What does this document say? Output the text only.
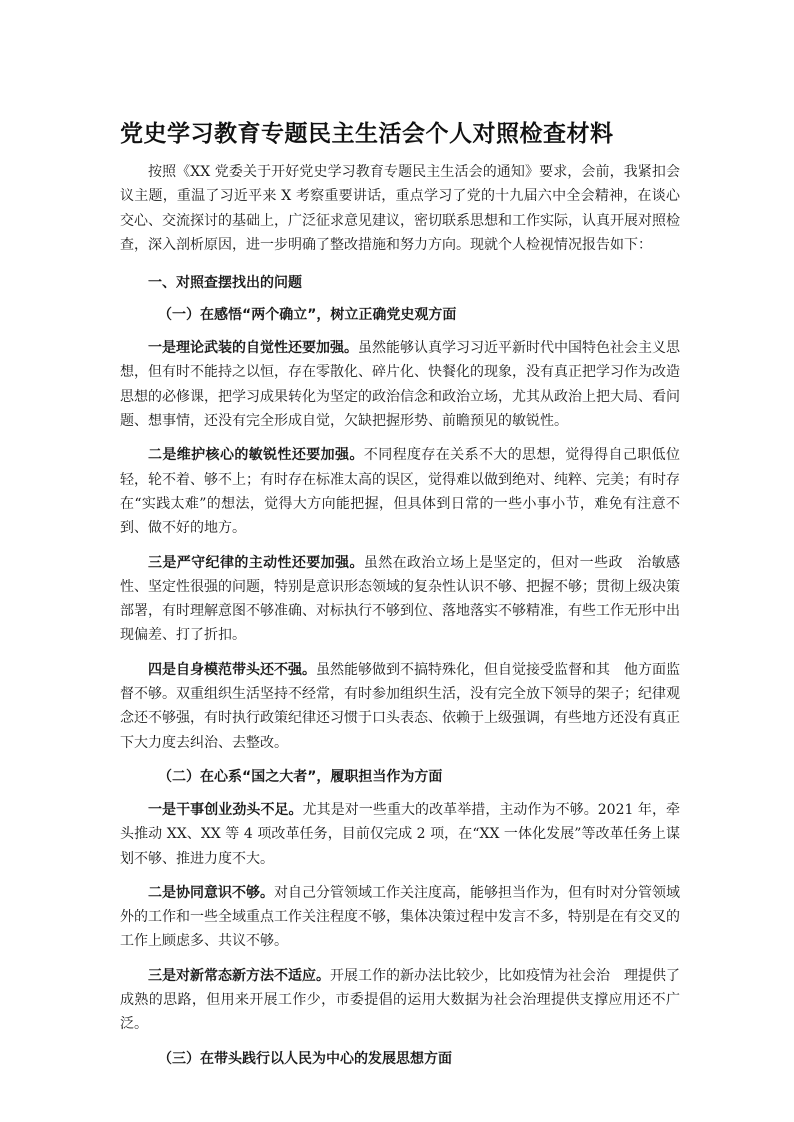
党史学习教育专题民主生活会个人对照检查材料

按照《XX 党委关于开好党史学习教育专题民主生活会的通知》要求，会前，我紧扣会议主题，重温了习近平来 X 考察重要讲话，重点学习了党的十九届六中全会精神，在谈心交心、交流探讨的基础上，广泛征求意见建议，密切联系思想和工作实际，认真开展对照检查，深入剖析原因，进一步明确了整改措施和努力方向。现就个人检视情况报告如下：

一、对照查摆找出的问题
（一）在感悟“两个确立”，树立正确党史观方面

一是理论武装的自觉性还要加强。虽然能够认真学习习近平新时代中国特色社会主义思想，但有时不能持之以恒，存在零散化、碎片化、快餐化的现象，没有真正把学习作为改造思想的必修课，把学习成果转化为坚定的政治信念和政治立场，尤其从政治上把大局、看问题、想事情，还没有完全形成自觉，欠缺把握形势、前瞻预见的敏锐性。

二是维护核心的敏锐性还要加强。不同程度存在关系不大的思想，觉得得自己职低位轻，轮不着、够不上；有时存在标准太高的误区，觉得难以做到绝对、纯粹、完美；有时存在“实践太难”的想法，觉得大方向能把握，但具体到日常的一些小事小节，难免有注意不到、做不好的地方。

三是严守纪律的主动性还要加强。虽然在政治立场上是坚定的，但对一些政　治敏感性、坚定性很强的问题，特别是意识形态领域的复杂性认识不够、把握不够；贯彻上级决策部署，有时理解意图不够准确、对标执行不够到位、落地落实不够精准，有些工作无形中出现偏差、打了折扣。

四是自身模范带头还不强。虽然能够做到不搞特殊化，但自觉接受监督和其　他方面监督不够。双重组织生活坚持不经常，有时参加组织生活，没有完全放下领导的架子；纪律观念还不够强，有时执行政策纪律还习惯于口头表态、依赖于上级强调，有些地方还没有真正下大力度去纠治、去整改。

（二）在心系“国之大者”，履职担当作为方面

一是干事创业劲头不足。尤其是对一些重大的改革举措，主动作为不够。2021 年，牵头推动 XX、XX 等 4 项改革任务，目前仅完成 2 项，在“XX 一体化发展”等改革任务上谋划不够、推进力度不大。

二是协同意识不够。对自己分管领域工作关注度高，能够担当作为，但有时对分管领域外的工作和一些全域重点工作关注程度不够，集体决策过程中发言不多，特别是在有交叉的工作上顾虑多、共议不够。

三是对新常态新方法不适应。开展工作的新办法比较少，比如疫情为社会治　理提供了成熟的思路，但用来开展工作少，市委提倡的运用大数据为社会治理提供支撑应用还不广泛。

（三）在带头践行以人民为中心的发展思想方面
